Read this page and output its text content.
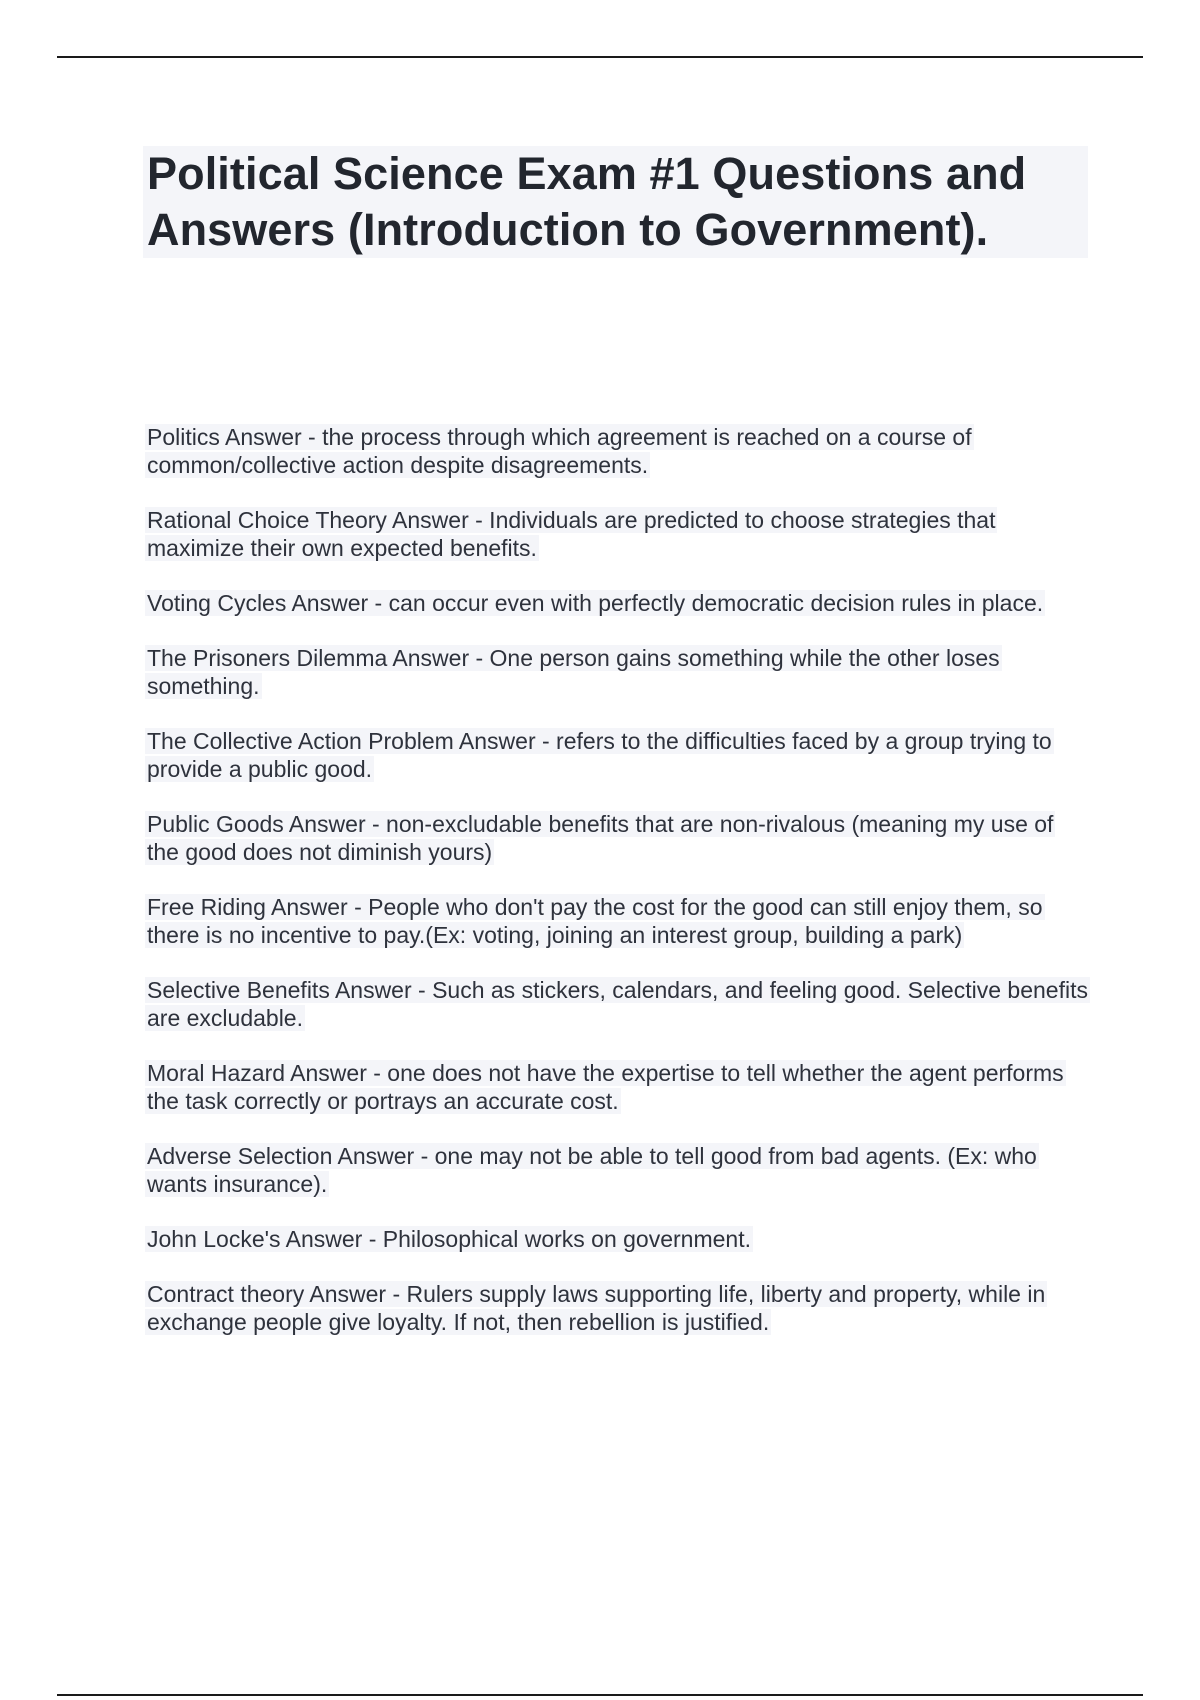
Political Science Exam #1 Questions and Answers (Introduction to Government).
Politics Answer - the process through which agreement is reached on a course of common/collective action despite disagreements.
Rational Choice Theory Answer - Individuals are predicted to choose strategies that maximize their own expected benefits.
Voting Cycles Answer - can occur even with perfectly democratic decision rules in place.
The Prisoners Dilemma Answer - One person gains something while the other loses something.
The Collective Action Problem Answer - refers to the difficulties faced by a group trying to provide a public good.
Public Goods Answer - non-excludable benefits that are non-rivalous (meaning my use of the good does not diminish yours)
Free Riding Answer - People who don't pay the cost for the good can still enjoy them, so there is no incentive to pay.(Ex: voting, joining an interest group, building a park)
Selective Benefits Answer - Such as stickers, calendars, and feeling good. Selective benefits are excludable.
Moral Hazard Answer - one does not have the expertise to tell whether the agent performs the task correctly or portrays an accurate cost.
Adverse Selection Answer - one may not be able to tell good from bad agents. (Ex: who wants insurance).
John Locke's Answer - Philosophical works on government.
Contract theory Answer - Rulers supply laws supporting life, liberty and property, while in exchange people give loyalty. If not, then rebellion is justified.
